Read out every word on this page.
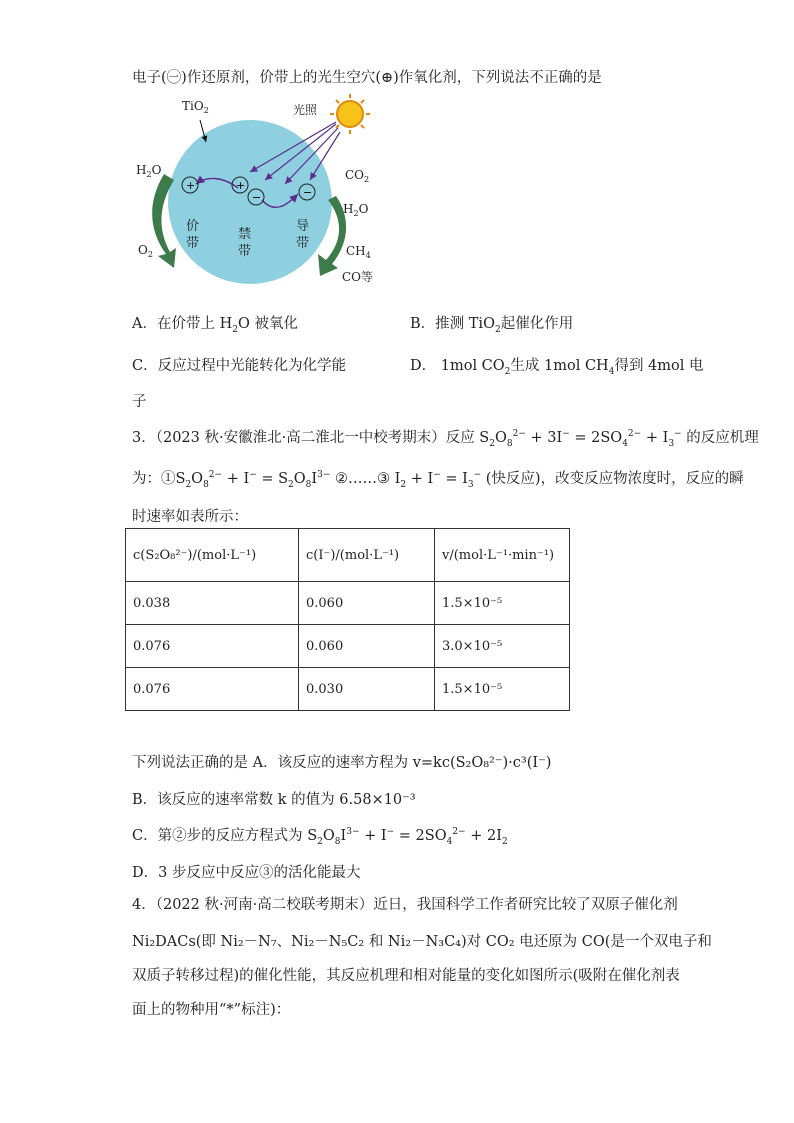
电子(㊀)作还原剂，价带上的光生空穴(⊕)作氧化剂，下列说法不正确的是
+	+
−	−
价
带
禁
带
导
带
TiO$_2$	光照
$H_2O$
$O_2$
$CO_2$
$H_2O$
$CH_4$
CO等
A．在价带上 $H_2O$ 被氧化	B．推测 TiO$_2$起催化作用
C．反应过程中光能转化为化学能	D． 1mol $CO_2$生成 1mol $CH_4$得到 4mol 电
子
3．（2023 秋·安徽淮北·高二淮北一中校考期末）反应 $S_2O_8^{2-} + 3I^- = 2SO_4^{2-} + I_3^-$ 的反应机理
为：$①S_2O_8^{2-} + I^- = S_2O_8I^{3-}$ ②……③ $I_2 + I^- = I_3^-$ (快反应)，改变反应物浓度时，反应的瞬
时速率如表所示：
c(S₂O₈²⁻)/(mol·L⁻¹)	c(I⁻)/(mol·L⁻¹)	v/(mol·L⁻¹·min⁻¹)
0.038	0.060	1.5×10⁻⁵
0.076	0.060	3.0×10⁻⁵
0.076	0.030	1.5×10⁻⁵
下列说法正确的是 A．该反应的速率方程为 v=kc(S₂O₈²⁻)·c³(I⁻)
B．该反应的速率常数 k 的值为 6.58×10⁻³
C．第②步的反应方程式为 $S_2O_8I^{3-} + I^- = 2SO_4^{2-} + 2I_2$
D．3 步反应中反应③的活化能最大
4．（2022 秋·河南·高二校联考期末）近日，我国科学工作者研究比较了双原子催化剂
Ni₂DACs(即 Ni₂－N₇、Ni₂－N₅C₂ 和 Ni₂－N₃C₄)对 CO₂ 电还原为 CO(是一个双电子和
双质子转移过程)的催化性能，其反应机理和相对能量的变化如图所示(吸附在催化剂表
面上的物种用“*”标注)：
